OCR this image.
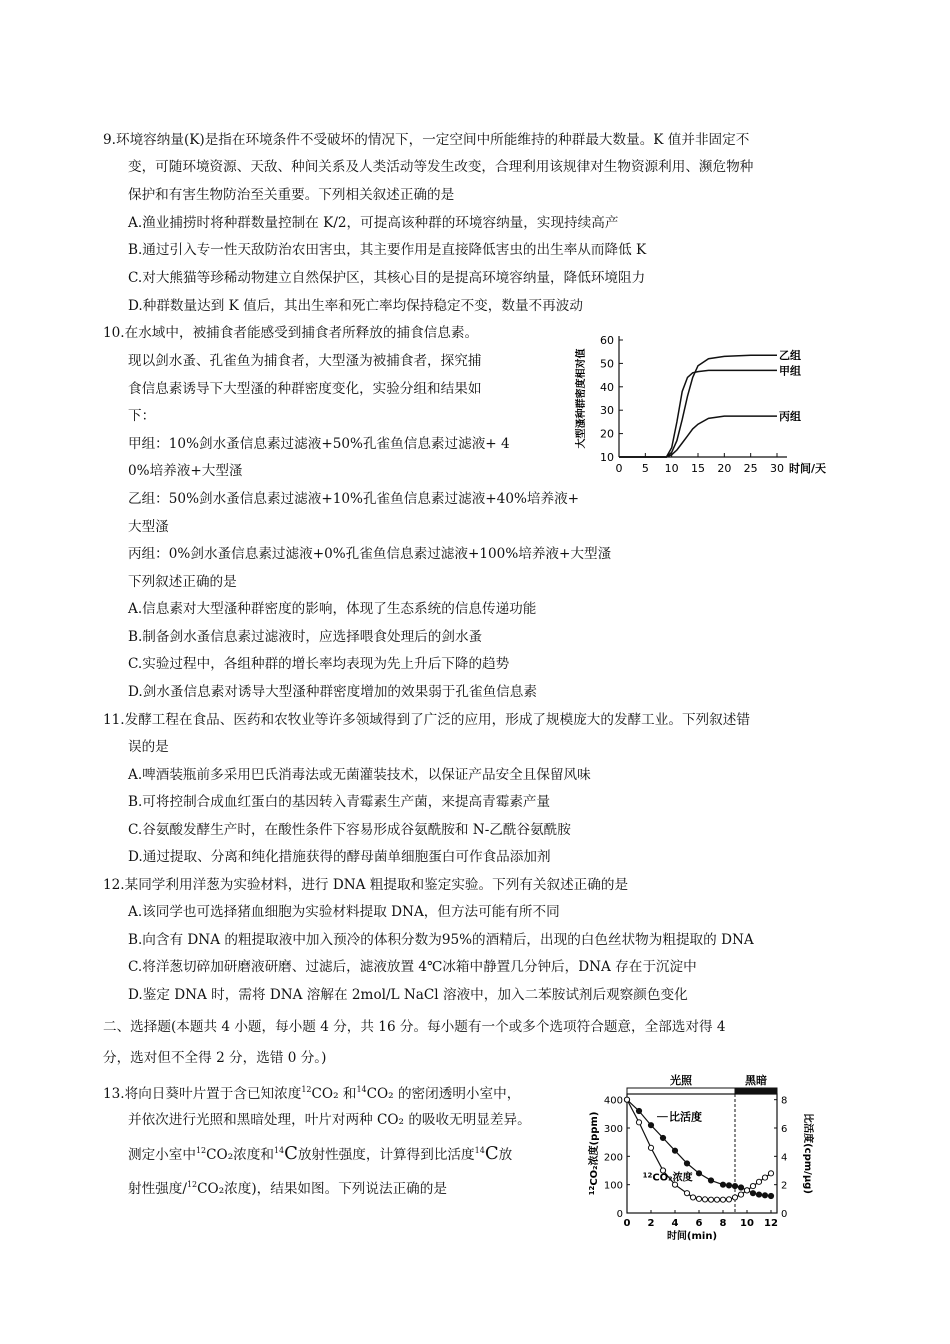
9.环境容纳量(K)是指在环境条件不受破坏的情况下，一定空间中所能维持的种群最大数量。K 值并非固定不
变，可随环境资源、天敌、种间关系及人类活动等发生改变，合理利用该规律对生物资源利用、濒危物种
保护和有害生物防治至关重要。下列相关叙述正确的是
A.渔业捕捞时将种群数量控制在 K/2，可提高该种群的环境容纳量，实现持续高产
B.通过引入专一性天敌防治农田害虫，其主要作用是直接降低害虫的出生率从而降低 K
C.对大熊猫等珍稀动物建立自然保护区，其核心目的是提高环境容纳量，降低环境阻力
D.种群数量达到 K 值后，其出生率和死亡率均保持稳定不变，数量不再波动
10.在水域中，被捕食者能感受到捕食者所释放的捕食信息素。
现以剑水蚤、孔雀鱼为捕食者，大型溞为被捕食者，探究捕
食信息素诱导下大型溞的种群密度变化，实验分组和结果如
下：
甲组：10%剑水蚤信息素过滤液+50%孔雀鱼信息素过滤液+ 4
0%培养液+大型溞
乙组：50%剑水蚤信息素过滤液+10%孔雀鱼信息素过滤液+40%培养液+
大型溞
丙组：0%剑水蚤信息素过滤液+0%孔雀鱼信息素过滤液+100%培养液+大型溞
下列叙述正确的是
A.信息素对大型溞种群密度的影响，体现了生态系统的信息传递功能
B.制备剑水蚤信息素过滤液时，应选择喂食处理后的剑水蚤
C.实验过程中，各组种群的增长率均表现为先上升后下降的趋势
D.剑水蚤信息素对诱导大型溞种群密度增加的效果弱于孔雀鱼信息素
10
20
30
40
50
60
0 5 10 15 20 25 30 时间/天
大型溞种群密度相对值	乙组
甲组
丙组
11.发酵工程在食品、医药和农牧业等许多领域得到了广泛的应用，形成了规模庞大的发酵工业。下列叙述错
误的是
A.啤酒装瓶前多采用巴氏消毒法或无菌灌装技术，以保证产品安全且保留风味
B.可将控制合成血红蛋白的基因转入青霉素生产菌，来提高青霉素产量
C.谷氨酸发酵生产时，在酸性条件下容易形成谷氨酰胺和 N-乙酰谷氨酰胺
D.通过提取、分离和纯化措施获得的酵母菌单细胞蛋白可作食品添加剂
12.某同学利用洋葱为实验材料，进行 DNA 粗提取和鉴定实验。下列有关叙述正确的是
A.该同学也可选择猪血细胞为实验材料提取 DNA，但方法可能有所不同
B.向含有 DNA 的粗提取液中加入预冷的体积分数为95%的酒精后，出现的白色丝状物为粗提取的 DNA
C.将洋葱切碎加研磨液研磨、过滤后，滤液放置 4℃冰箱中静置几分钟后，DNA 存在于沉淀中
D.鉴定 DNA 时，需将 DNA 溶解在 2mol/L NaCl 溶液中，加入二苯胺试剂后观察颜色变化
二、选择题(本题共 4 小题，每小题 4 分，共 16 分。每小题有一个或多个选项符合题意，全部选对得 4
分，选对但不全得 2 分，选错 0 分。)
13.将向日葵叶片置于含已知浓度$^{12}$CO₂ 和$^{14}$CO₂ 的密闭透明小室中，
并依次进行光照和黑暗处理，叶片对两种 CO₂ 的吸收无明显差异。
测定小室中$^{12}$CO₂浓度和$^{14}$C放射性强度，计算得到比活度$^{14}$C放
射性强度/$^{12}$CO₂浓度)，结果如图。下列说法正确的是
光照	黑暗
0
100
200
300
400
0
2
4
6
8
0 2 4 6 8 10 12
时间(min)
$^{12}$CO₂浓度(ppm)	比活度(cpm/μg)
比活度
$^{12}$CO₂浓度
